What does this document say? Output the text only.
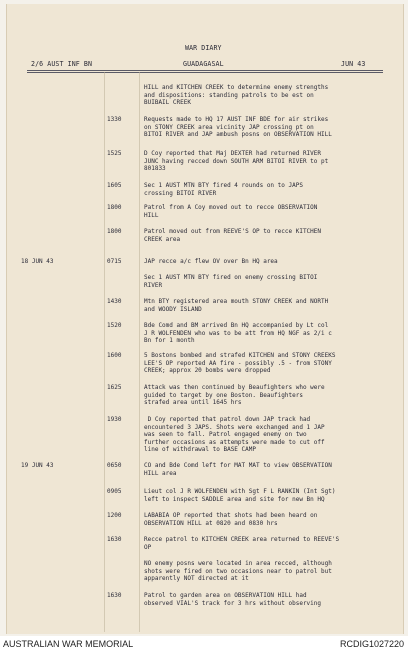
WAR DIARY
2/6 AUST INF BN	GUADAGASAL	JUN 43
HILL and KITCHEN CREEK to determine enemy strengths
and dispositions: standing patrols to be est on
BUIBAIL CREEK
1330	Requests made to HQ 17 AUST INF BDE for air strikes
on STONY CREEK area vicinity JAP crossing pt on
BITOI RIVER and JAP ambush posns on OBSERVATION HILL
1525	D Coy reported that Maj DEXTER had returned RIVER
JUNC having recced down SOUTH ARM BITOI RIVER to pt
801833
1605	Sec 1 AUST MTN BTY fired 4 rounds on to JAPS
crossing BITOI RIVER
1800	Patrol from A Coy moved out to recce OBSERVATION
HILL
1800	Patrol moved out from REEVE'S OP to recce KITCHEN
CREEK area
18 JUN 43	0715	JAP recce a/c flew OV over Bn HQ area
Sec 1 AUST MTN BTY fired on enemy crossing BITOI
RIVER
1430	Mtn BTY registered area mouth STONY CREEK and NORTH
and WOODY ISLAND
1520	Bde Comd and BM arrived Bn HQ accompanied by Lt col
J R WOLFENDEN who was to be att from HQ NGF as 2/i c
Bn for 1 month
1600	5 Bostons bombed and strafed KITCHEN and STONY CREEKS
LEE'S OP reported AA fire - possibly .5 - from STONY
CREEK; approx 20 bombs were dropped
1625	Attack was then continued by Beaufighters who were
guided to target by one Boston. Beaufighters
strafed area until 1645 hrs
1930	D Coy reported that patrol down JAP track had
encountered 3 JAPS. Shots were exchanged and 1 JAP
was seen to fall. Patrol engaged enemy on two
further occasions as attempts were made to cut off
line of withdrawal to BASE CAMP
19 JUN 43	0650	CO and Bde Comd left for MAT MAT to view OBSERVATION
HILL area
0905	Lieut col J R WOLFENDEN with Sgt F L RANKIN (Int Sgt)
left to inspect SADDLE area and site for new Bn HQ
1200	LABABIA OP reported that shots had been heard on
OBSERVATION HILL at 0820 and 0830 hrs
1630	Recce patrol to KITCHEN CREEK area returned to REEVE'S
OP
NO enemy posns were located in area recced, although
shots were fired on two occasions near to patrol but
apparently NOT directed at it
1630	Patrol to garden area on OBSERVATION HILL had
observed VIAL'S track for 3 hrs without observing
AUSTRALIAN WAR MEMORIAL	RCDIG1027220
